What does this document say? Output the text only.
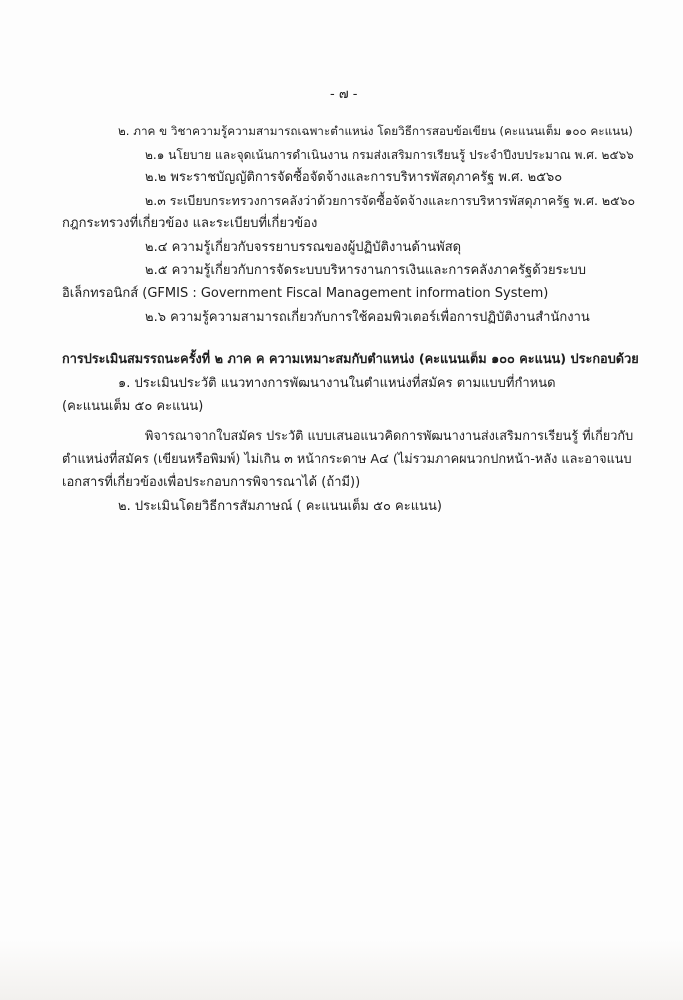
- ๗ -
๒. ภาค ข วิชาความรู้ความสามารถเฉพาะตำแหน่ง โดยวิธีการสอบข้อเขียน (คะแนนเต็ม ๑๐๐ คะแนน)
๒.๑ นโยบาย และจุดเน้นการดำเนินงาน กรมส่งเสริมการเรียนรู้ ประจำปีงบประมาณ พ.ศ. ๒๕๖๖
๒.๒ พระราชบัญญัติการจัดซื้อจัดจ้างและการบริหารพัสดุภาครัฐ พ.ศ. ๒๕๖๐
๒.๓ ระเบียบกระทรวงการคลังว่าด้วยการจัดซื้อจัดจ้างและการบริหารพัสดุภาครัฐ พ.ศ. ๒๕๖๐
กฎกระทรวงที่เกี่ยวข้อง และระเบียบที่เกี่ยวข้อง
๒.๔ ความรู้เกี่ยวกับจรรยาบรรณของผู้ปฏิบัติงานด้านพัสดุ
๒.๕ ความรู้เกี่ยวกับการจัดระบบบริหารงานการเงินและการคลังภาครัฐด้วยระบบ
อิเล็กทรอนิกส์ (GFMIS : Government Fiscal Management information System)
๒.๖ ความรู้ความสามารถเกี่ยวกับการใช้คอมพิวเตอร์เพื่อการปฏิบัติงานสำนักงาน
การประเมินสมรรถนะครั้งที่ ๒ ภาค ค ความเหมาะสมกับตำแหน่ง (คะแนนเต็ม ๑๐๐ คะแนน) ประกอบด้วย
๑. ประเมินประวัติ แนวทางการพัฒนางานในตำแหน่งที่สมัคร ตามแบบที่กำหนด
(คะแนนเต็ม ๕๐ คะแนน)
พิจารณาจากใบสมัคร ประวัติ แบบเสนอแนวคิดการพัฒนางานส่งเสริมการเรียนรู้ ที่เกี่ยวกับ
ตำแหน่งที่สมัคร (เขียนหรือพิมพ์) ไม่เกิน ๓ หน้ากระดาษ A๔ (ไม่รวมภาคผนวกปกหน้า-หลัง และอาจแนบ
เอกสารที่เกี่ยวข้องเพื่อประกอบการพิจารณาได้ (ถ้ามี))
๒. ประเมินโดยวิธีการสัมภาษณ์ ( คะแนนเต็ม ๕๐ คะแนน)
